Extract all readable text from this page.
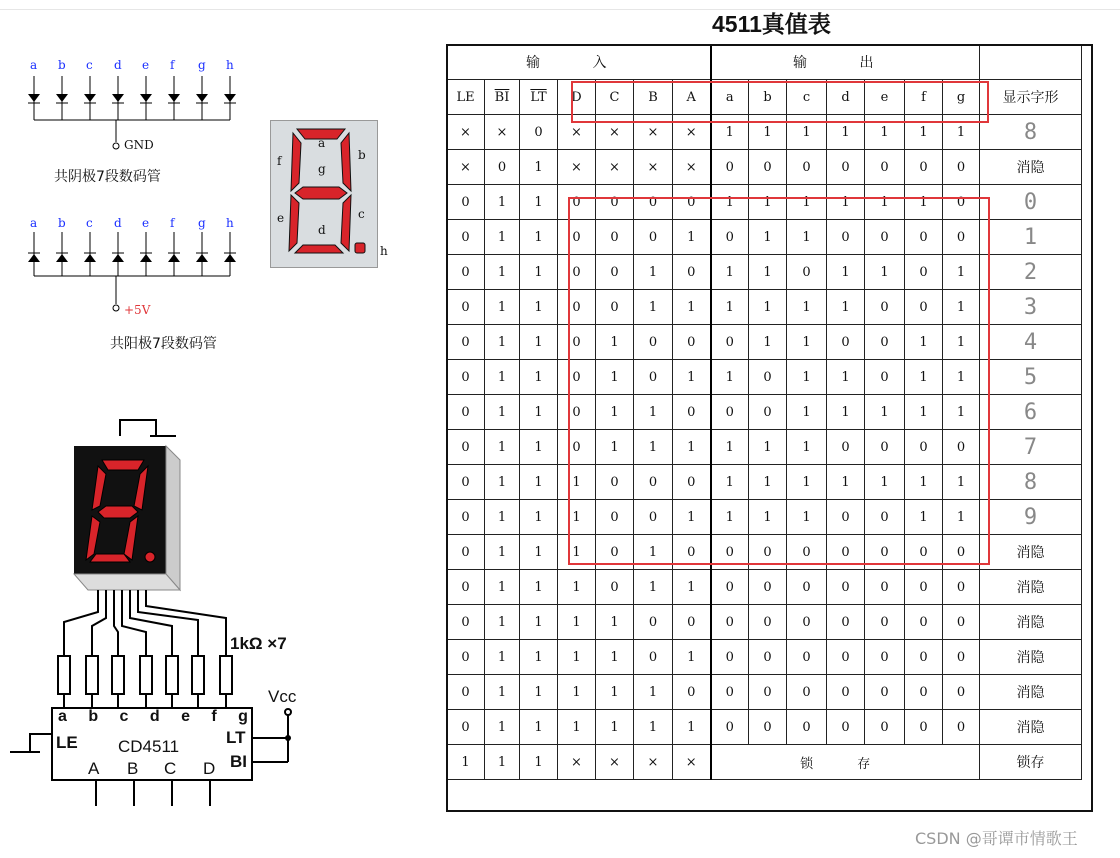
4511真值表
a b c d e f g h
GND
共阴极7段数码管
a b c d e f g h
+5V
共阳极7段数码管
a
b
c
d
e
f
g
h
1kΩ ×7
Vcc
a b c d e f g
LE CD4511	LT
BI
A B C D
输 入							输 出							
LE	$\overline{BI}$	$\overline{LT}$	D	C	B	A	a	b	c	d	e	f	g	显示字形
×	×	0	×	×	×	×	1	1	1	1	1	1	1	8
×	0	1	×	×	×	×	0	0	0	0	0	0	0	消隐
0	1	1	0	0	0	0	1	1	1	1	1	1	0	0
0	1	1	0	0	0	1	0	1	1	0	0	0	0	1
0	1	1	0	0	1	0	1	1	0	1	1	0	1	2
0	1	1	0	0	1	1	1	1	1	1	0	0	1	3
0	1	1	0	1	0	0	0	1	1	0	0	1	1	4
0	1	1	0	1	0	1	1	0	1	1	0	1	1	5
0	1	1	0	1	1	0	0	0	1	1	1	1	1	6
0	1	1	0	1	1	1	1	1	1	0	0	0	0	7
0	1	1	1	0	0	0	1	1	1	1	1	1	1	8
0	1	1	1	0	0	1	1	1	1	0	0	1	1	9
0	1	1	1	0	1	0	0	0	0	0	0	0	0	消隐
0	1	1	1	0	1	1	0	0	0	0	0	0	0	消隐
0	1	1	1	1	0	0	0	0	0	0	0	0	0	消隐
0	1	1	1	1	0	1	0	0	0	0	0	0	0	消隐
0	1	1	1	1	1	0	0	0	0	0	0	0	0	消隐
0	1	1	1	1	1	1	0	0	0	0	0	0	0	消隐
1	1	1	×	×	×	×	锁 存							锁存
CSDN @哥谭市情歌王
